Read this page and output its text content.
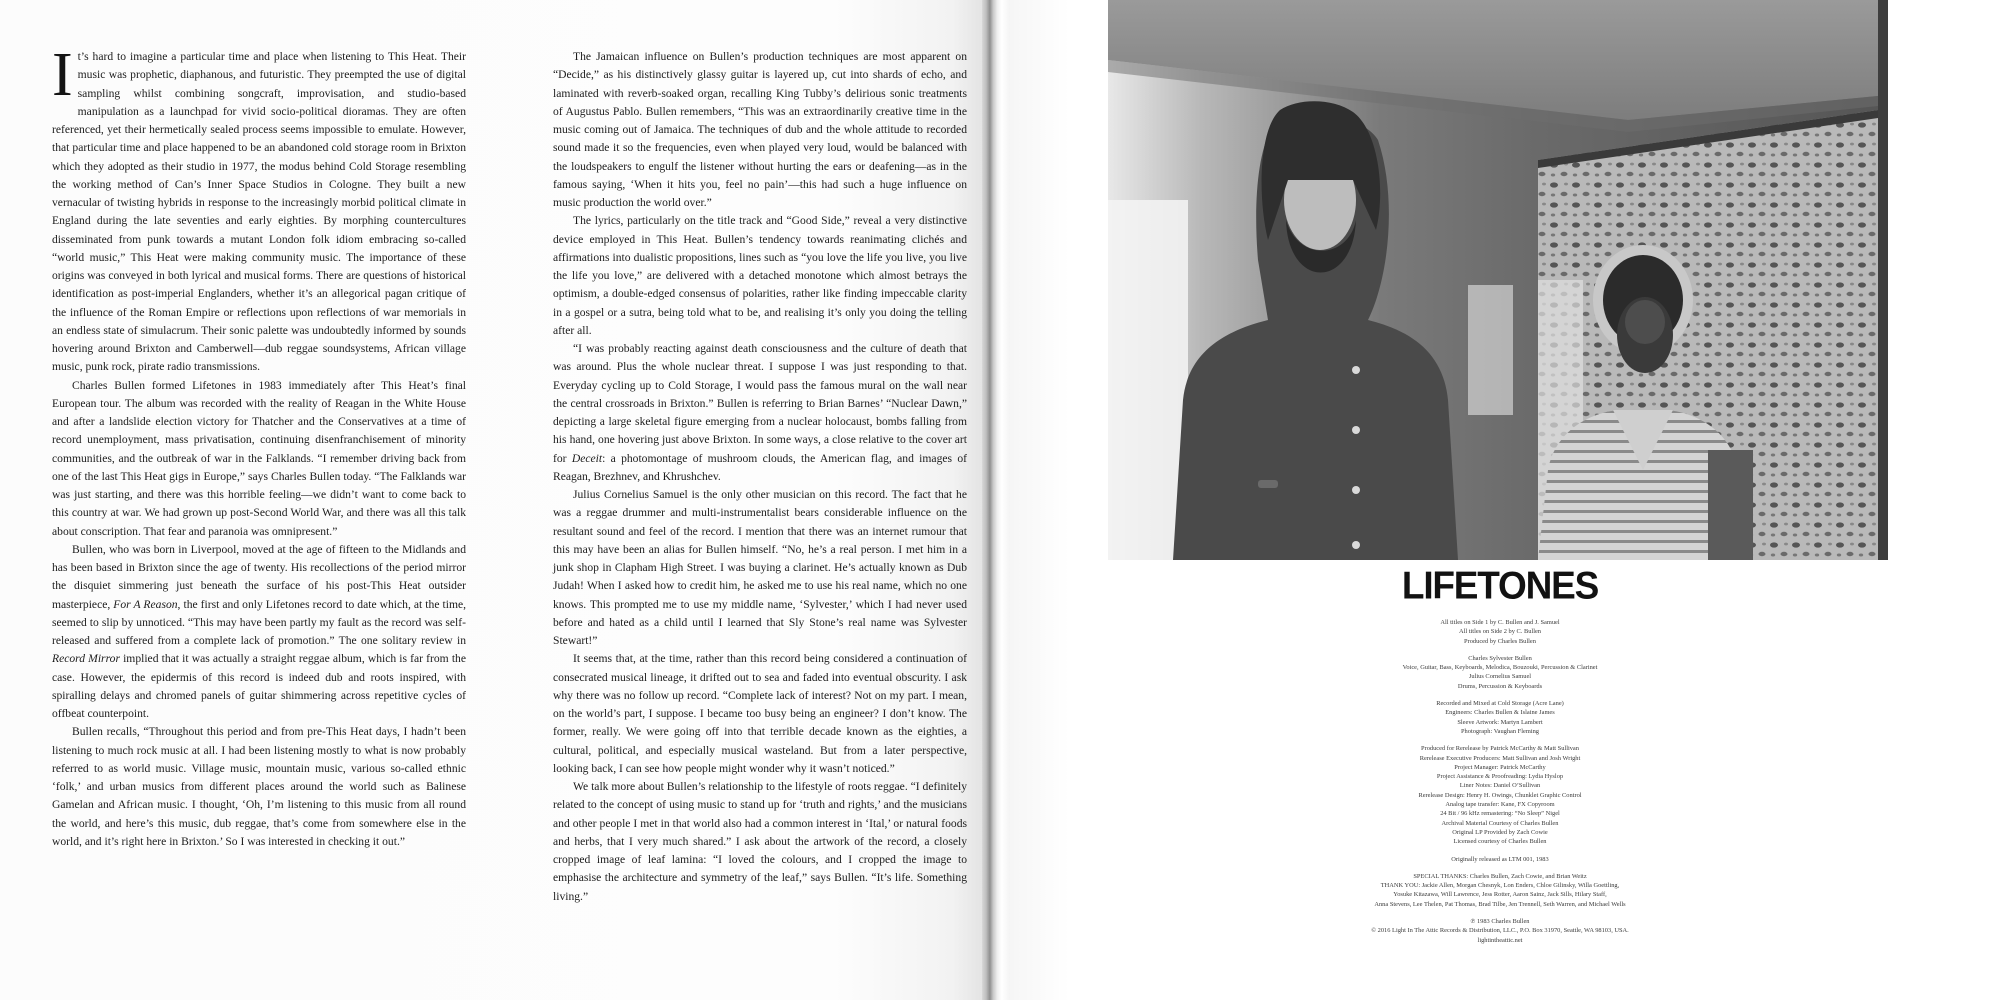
It’s hard to imagine a particular time and place when listening to This Heat. Their music was prophetic, diaphanous, and futuristic. They preempted the use of digital sampling whilst combining songcraft, improvisation, and studio-based manipulation as a launchpad for vivid socio-political dioramas. They are often referenced, yet their hermetically sealed process seems impossible to emulate. However, that particular time and place happened to be an abandoned cold storage room in Brixton which they adopted as their studio in 1977, the modus behind Cold Storage resembling the working method of Can’s Inner Space Studios in Cologne. They built a new vernacular of twisting hybrids in response to the increasingly morbid political climate in England during the late seventies and early eighties. By morphing countercultures disseminated from punk towards a mutant London folk idiom embracing so-called “world music,” This Heat were making community music. The importance of these origins was conveyed in both lyrical and musical forms. There are questions of historical identification as post-imperial Englanders, whether it’s an allegorical pagan critique of the influence of the Roman Empire or reflections upon reflections of war memorials in an endless state of simulacrum. Their sonic palette was undoubtedly informed by sounds hovering around Brixton and Camberwell—dub reggae soundsystems, African village music, punk rock, pirate radio transmissions.

Charles Bullen formed Lifetones in 1983 immediately after This Heat’s final European tour. The album was recorded with the reality of Reagan in the White House and after a landslide election victory for Thatcher and the Conservatives at a time of record unemployment, mass privatisation, continuing disenfranchisement of minority communities, and the outbreak of war in the Falklands. “I remember driving back from one of the last This Heat gigs in Europe,” says Charles Bullen today. “The Falklands war was just starting, and there was this horrible feeling—we didn’t want to come back to this country at war. We had grown up post-Second World War, and there was all this talk about conscription. That fear and paranoia was omnipresent.”

Bullen, who was born in Liverpool, moved at the age of fifteen to the Midlands and has been based in Brixton since the age of twenty. His recollections of the period mirror the disquiet simmering just beneath the surface of his post-This Heat outsider masterpiece, For A Reason, the first and only Lifetones record to date which, at the time, seemed to slip by unnoticed. “This may have been partly my fault as the record was self-released and suffered from a complete lack of promotion.” The one solitary review in Record Mirror implied that it was actually a straight reggae album, which is far from the case. However, the epidermis of this record is indeed dub and roots inspired, with spiralling delays and chromed panels of guitar shimmering across repetitive cycles of offbeat counterpoint.

Bullen recalls, “Throughout this period and from pre-This Heat days, I hadn’t been listening to much rock music at all. I had been listening mostly to what is now probably referred to as world music. Village music, mountain music, various so-called ethnic ‘folk,’ and urban musics from different places around the world such as Balinese Gamelan and African music. I thought, ‘Oh, I’m listening to this music from all round the world, and here’s this music, dub reggae, that’s come from somewhere else in the world, and it’s right here in Brixton.’ So I was interested in checking it out.”

The Jamaican influence on Bullen’s production techniques are most apparent on “Decide,” as his distinctively glassy guitar is layered up, cut into shards of echo, and laminated with reverb-soaked organ, recalling King Tubby’s delirious sonic treatments of Augustus Pablo. Bullen remembers, “This was an extraordinarily creative time in the music coming out of Jamaica. The techniques of dub and the whole attitude to recorded sound made it so the frequencies, even when played very loud, would be balanced with the loudspeakers to engulf the listener without hurting the ears or deafening—as in the famous saying, ‘When it hits you, feel no pain’—this had such a huge influence on music production the world over.”

The lyrics, particularly on the title track and “Good Side,” reveal a very distinctive device employed in This Heat. Bullen’s tendency towards reanimating clichés and affirmations into dualistic propositions, lines such as “you love the life you live, you live the life you love,” are delivered with a detached monotone which almost betrays the optimism, a double-edged consensus of polarities, rather like finding impeccable clarity in a gospel or a sutra, being told what to be, and realising it’s only you doing the telling after all.

“I was probably reacting against death consciousness and the culture of death that was around. Plus the whole nuclear threat. I suppose I was just responding to that. Everyday cycling up to Cold Storage, I would pass the famous mural on the wall near the central crossroads in Brixton.” Bullen is referring to Brian Barnes’ “Nuclear Dawn,” depicting a large skeletal figure emerging from a nuclear holocaust, bombs falling from his hand, one hovering just above Brixton. In some ways, a close relative to the cover art for Deceit: a photomontage of mushroom clouds, the American flag, and images of Reagan, Brezhnev, and Khrushchev.

Julius Cornelius Samuel is the only other musician on this record. The fact that he was a reggae drummer and multi-instrumentalist bears considerable influence on the resultant sound and feel of the record. I mention that there was an internet rumour that this may have been an alias for Bullen himself. “No, he’s a real person. I met him in a junk shop in Clapham High Street. I was buying a clarinet. He’s actually known as Dub Judah! When I asked how to credit him, he asked me to use his real name, which no one knows. This prompted me to use my middle name, ‘Sylvester,’ which I had never used before and hated as a child until I learned that Sly Stone’s real name was Sylvester Stewart!”

It seems that, at the time, rather than this record being considered a continuation of consecrated musical lineage, it drifted out to sea and faded into eventual obscurity. I ask why there was no follow up record. “Complete lack of interest? Not on my part. I mean, on the world’s part, I suppose. I became too busy being an engineer? I don’t know. The former, really. We were going off into that terrible decade known as the eighties, a cultural, political, and especially musical wasteland. But from a later perspective, looking back, I can see how people might wonder why it wasn’t noticed.”

We talk more about Bullen’s relationship to the lifestyle of roots reggae. “I definitely related to the concept of using music to stand up for ‘truth and rights,’ and the musicians and other people I met in that world also had a common interest in ‘Ital,’ or natural foods and herbs, that I very much shared.” I ask about the artwork of the record, a closely cropped image of leaf lamina: “I loved the colours, and I cropped the image to emphasise the architecture and symmetry of the leaf,” says Bullen. “It’s life. Something living.”

LIFETONES
All titles on Side 1 by C. Bullen and J. Samuel
All titles on Side 2 by C. Bullen
Produced by Charles Bullen
Charles Sylvester Bullen
Voice, Guitar, Bass, Keyboards, Melodica, Bouzouki, Percussion & Clarinet
Julius Cornelius Samuel
Drums, Percussion & Keyboards
Recorded and Mixed at Cold Storage (Acre Lane)
Engineers: Charles Bullen & Islaine James
Sleeve Artwork: Martyn Lambert
Photograph: Vaughan Fleming
Produced for Rerelease by Patrick McCarthy & Matt Sullivan
Rerelease Executive Producers: Matt Sullivan and Josh Wright
Project Manager: Patrick McCarthy
Project Assistance & Proofreading: Lydia Hyslop
Liner Notes: Daniel O’Sullivan
Rerelease Design: Henry H. Owings, Chunklet Graphic Control
Analog tape transfer: Kane, FX Copyroom
24 Bit / 96 kHz remastering: “No Sleep” Nigel
Archival Material Courtesy of Charles Bullen
Original LP Provided by Zach Cowie
Licensed courtesy of Charles Bullen
Originally released as LTM 001, 1983
SPECIAL THANKS: Charles Bullen, Zach Cowie, and Brian Weitz
THANK YOU: Jackie Allen, Morgan Chesnyk, Lon Enders, Chloe Gilinsky, Willa Goettling,
Yosuke Kitazawa, Will Lawrence, Jess Rotter, Aaron Sainz, Jack Sills, Hilary Staff,
Anna Stevens, Lee Thelen, Pat Thomas, Brad Tilbe, Jen Trennell, Seth Warren, and Michael Wells
℗ 1983 Charles Bullen
© 2016 Light In The Attic Records & Distribution, LLC., P.O. Box 31970, Seattle, WA 98103, USA.
lightintheattic.net
